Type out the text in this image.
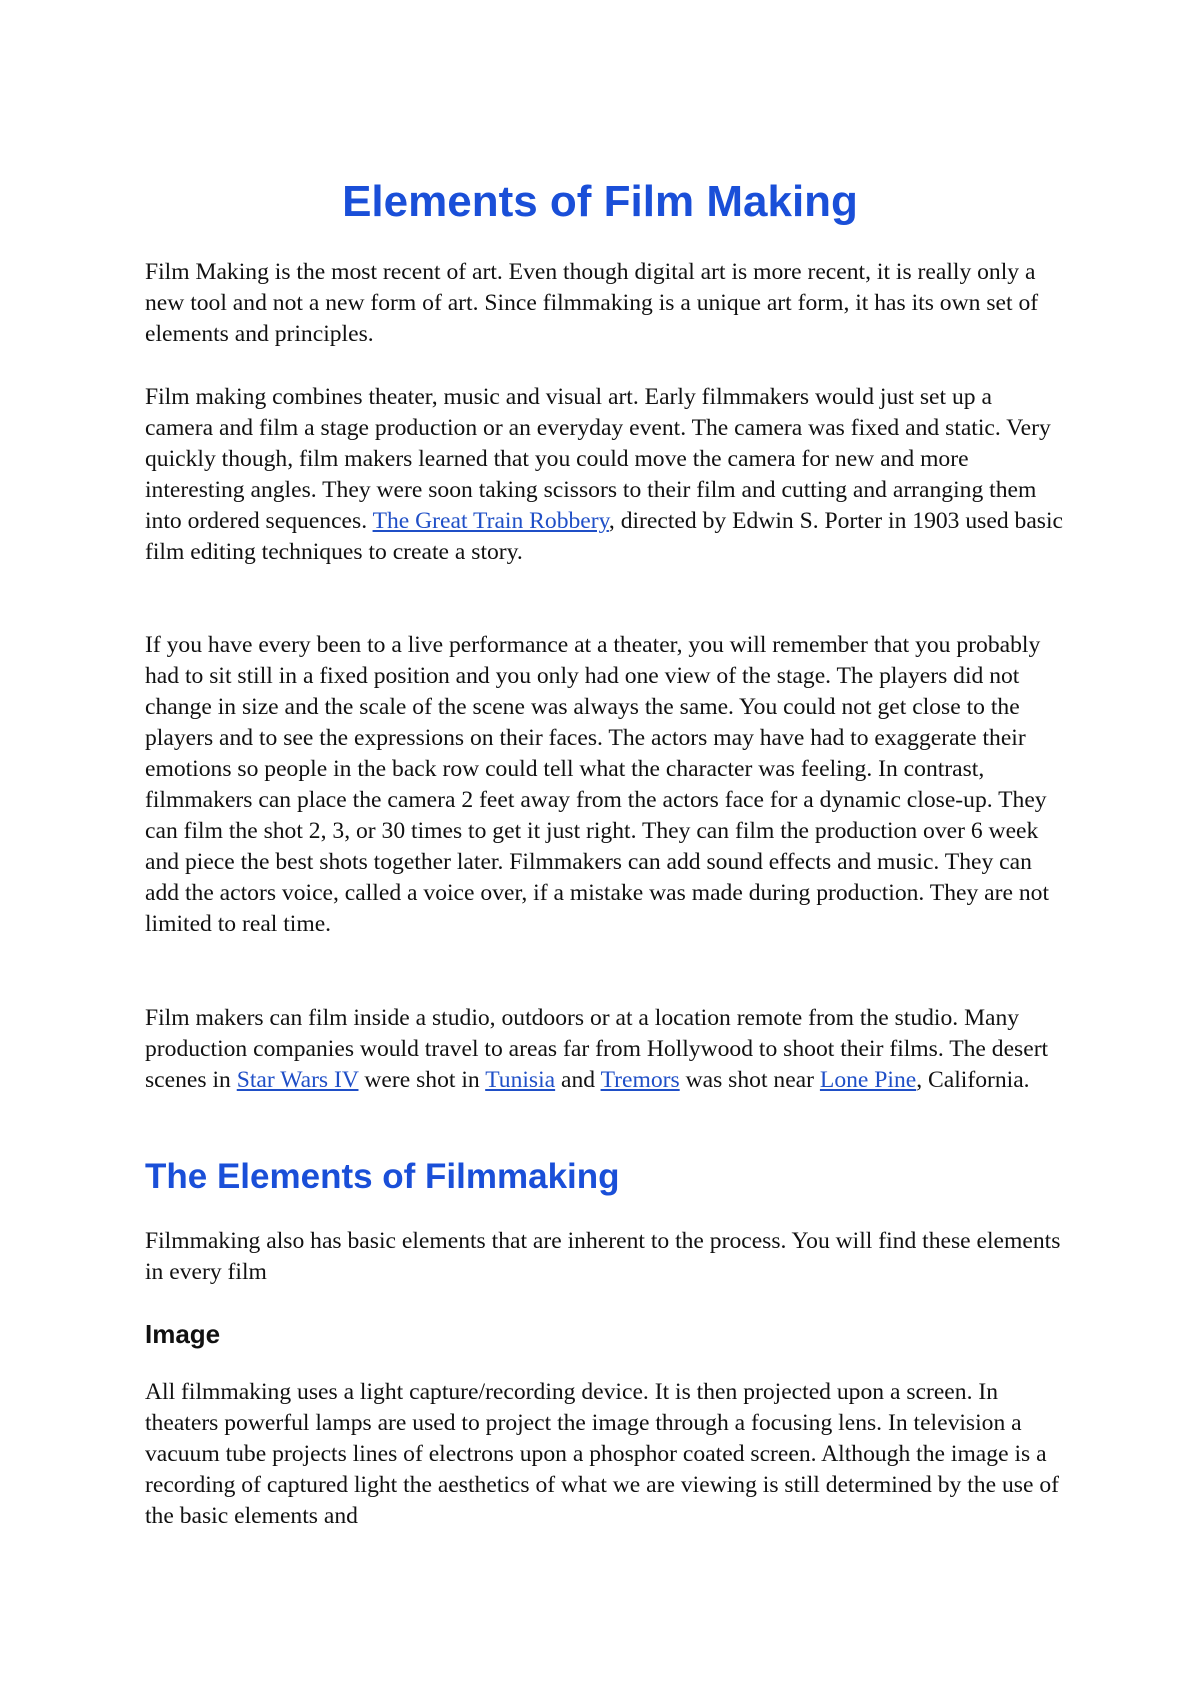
Elements of Film Making

Film Making is the most recent of art. Even though digital art is more recent, it is really only a new tool and not a new form of art. Since filmmaking is a unique art form, it has its own set of elements and principles.

Film making combines theater, music and visual art. Early filmmakers would just set up a camera and film a stage production or an everyday event. The camera was fixed and static. Very quickly though, film makers learned that you could move the camera for new and more interesting angles. They were soon taking scissors to their film and cutting and arranging them into ordered sequences. The Great Train Robbery, directed by Edwin S. Porter in 1903 used basic film editing techniques to create a story.

If you have every been to a live performance at a theater, you will remember that you probably had to sit still in a fixed position and you only had one view of the stage. The players did not change in size and the scale of the scene was always the same. You could not get close to the players and to see the expressions on their faces. The actors may have had to exaggerate their emotions so people in the back row could tell what the character was feeling. In contrast, filmmakers can place the camera 2 feet away from the actors face for a dynamic close-up. They can film the shot 2, 3, or 30 times to get it just right. They can film the production over 6 week and piece the best shots together later. Filmmakers can add sound effects and music. They can add the actors voice, called a voice over, if a mistake was made during production. They are not limited to real time.

Film makers can film inside a studio, outdoors or at a location remote from the studio. Many production companies would travel to areas far from Hollywood to shoot their films. The desert scenes in Star Wars IV were shot in Tunisia and Tremors was shot near Lone Pine, California.

The Elements of Filmmaking

Filmmaking also has basic elements that are inherent to the process. You will find these elements in every film

Image

All filmmaking uses a light capture/recording device. It is then projected upon a screen. In theaters powerful lamps are used to project the image through a focusing lens. In television a vacuum tube projects lines of electrons upon a phosphor coated screen. Although the image is a recording of captured light the aesthetics of what we are viewing is still determined by the use of the basic elements and
